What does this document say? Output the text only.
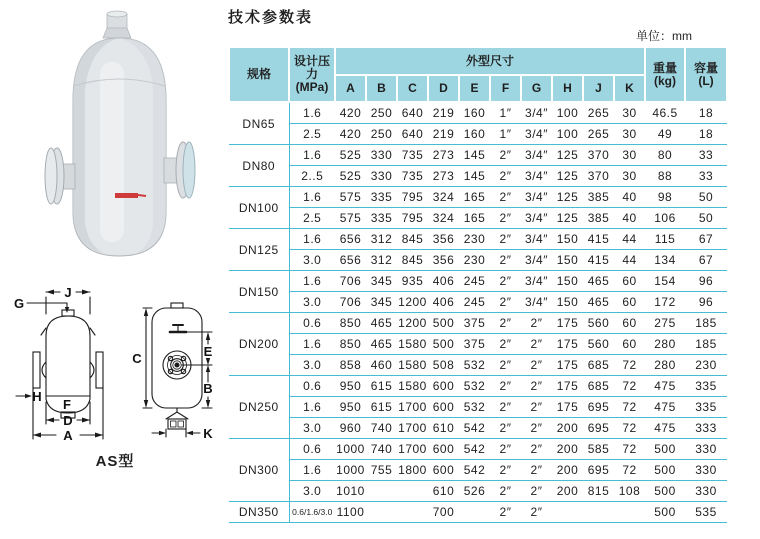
J
G
H
F
D
A
C	E
B
K
AS型
技术参数表
单位：mm
规格	设计压力
(MPa)	外型尺寸										重量
(kg)	容量
(L)

		A	B	C	D	E	F	G	H	J	K		
DN65	1.6	420	250	640	219	160	1″	3/4″	100	265	30	46.5	18
	2.5	420	250	640	219	160	1″	3/4″	100	265	30	49	18
DN80	1.6	525	330	735	273	145	2″	3/4″	125	370	30	80	33
	2..5	525	330	735	273	145	2″	3/4″	125	370	30	88	33
DN100	1.6	575	335	795	324	165	2″	3/4″	125	385	40	98	50
	2.5	575	335	795	324	165	2″	3/4″	125	385	40	106	50
DN125	1.6	656	312	845	356	230	2″	3/4″	150	415	44	115	67
	3.0	656	312	845	356	230	2″	3/4″	150	415	44	134	67
DN150	1.6	706	345	935	406	245	2″	3/4″	150	465	60	154	96
	3.0	706	345	1200	406	245	2″	3/4″	150	465	60	172	96
DN200	0.6	850	465	1200	500	375	2″	2″	175	560	60	275	185
	1.6	850	465	1580	500	375	2″	2″	175	560	60	280	185
	3.0	858	460	1580	508	532	2″	2″	175	685	72	280	230
DN250	0.6	950	615	1580	600	532	2″	2″	175	685	72	475	335
	1.6	950	615	1700	600	532	2″	2″	175	695	72	475	335
	3.0	960	740	1700	610	542	2″	2″	200	695	72	475	333
DN300	0.6	1000	740	1700	600	542	2″	2″	200	585	72	500	330
	1.6	1000	755	1800	600	542	2″	2″	200	695	72	500	330
	3.0	1010			610	526	2″	2″	200	815	108	500	330
DN350	0.6/1.6/3.0	1100			700		2″	2″				500	535
